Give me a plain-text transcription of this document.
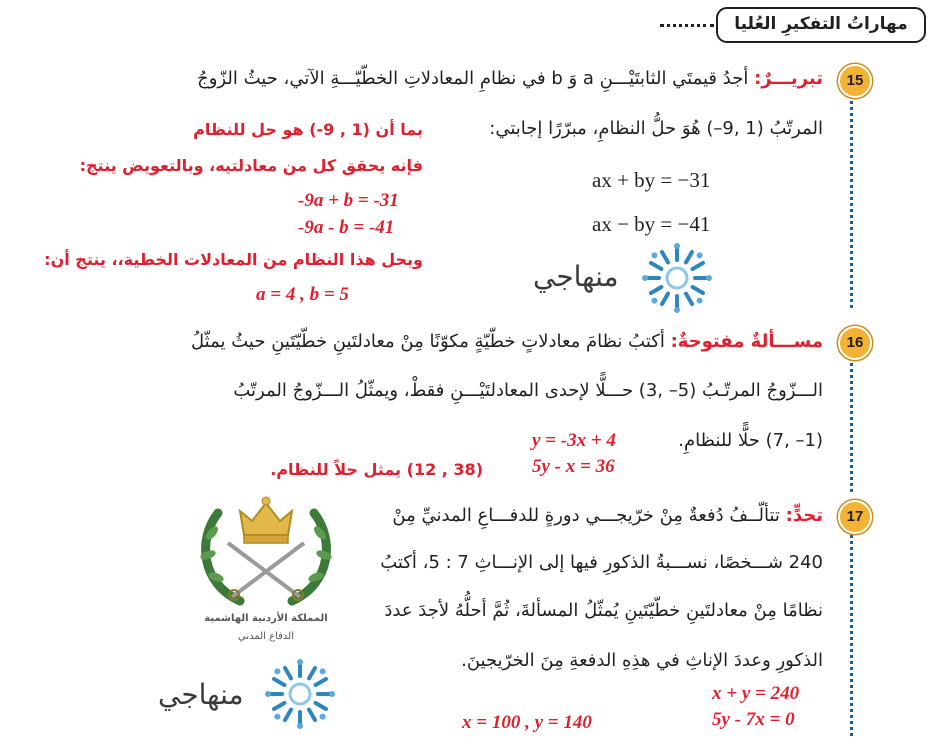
مهاراتُ التفكيرِ العُليا
15
تبريـــرٌ: أجدُ قيمتَي الثابتَيْـــنِ a وَ b في نظامِ المعادلاتِ الخطّيّـــةِ الآتي، حيثُ الزّوجُ
المرتّبُ (1 ,9–) هُوَ حلُّ النظامِ، مبرّرًا إجابتي:
ax + by = −31
ax − by = −41
بما أن (1 , 9-) هو حل للنظام
فإنه يحقق كل من معادلتيه، وبالتعويض ينتج:
-9a + b = -31
-9a - b = -41
وبحل هذا النظام من المعادلات الخطية،، ينتج أن:
a = 4 , b = 5
منهاجي
16
مســـألةٌ مفتوحةٌ: أكتبُ نظامَ معادلاتٍ خطّيّةٍ مكوّنًا مِنْ معادلتَينِ خطّيّتَينِ حيثُ يمثّلُ
الـــزّوجُ المرتّـبُ (5– ,3) حـــلًّا لإحدى المعادلتَيْـــنِ فقطْ، ويمثّلُ الـــزّوجُ المرتّبُ
(1– ,7) حلًّا للنظامِ.
y = -3x + 4
5y - x = 36
(38 , 12) يمثل حلاً للنظام.
17
تحدٍّ: تتألّــفُ دُفعةٌ مِنْ خرّيجـــي دورةٍ للدفـــاعِ المدنيِّ مِنْ
240 شـــخصًا، نســـبةُ الذكورِ فيها إلى الإنـــاثِ 7 : 5، أكتبُ
نظامًا مِنْ معادلتَينِ خطّيّتَينِ يُمثّلُ المسألةَ، ثُمَّ أحلُّهُ لأجدَ عددَ
الذكورِ وعددَ الإناثِ في هذِهِ الدفعةِ مِنَ الخرّيجينَ.
x + y = 240
5y - 7x = 0
x = 100 , y = 140
المملكة الأردنية الهاشمية
الدفاع المدني
منهاجي
